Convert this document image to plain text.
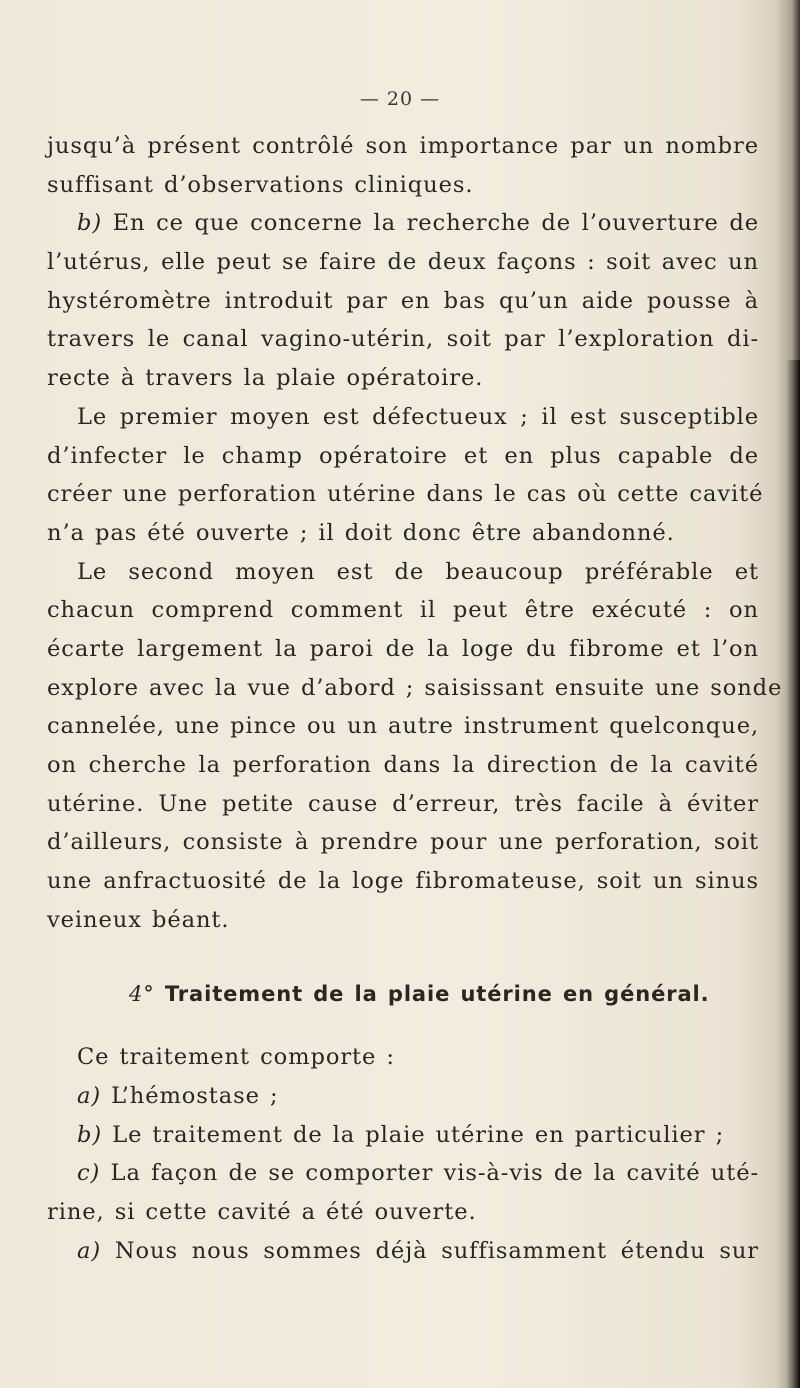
— 20 —
jusqu’à présent contrôlé son importance par un nombre
suffisant d’observations cliniques.
b) En ce que concerne la recherche de l’ouverture de
l’utérus, elle peut se faire de deux façons : soit avec un
hystéromètre introduit par en bas qu’un aide pousse à
travers le canal vagino-utérin, soit par l’exploration di-
recte à travers la plaie opératoire.
Le premier moyen est défectueux ; il est susceptible
d’infecter le champ opératoire et en plus capable de
créer une perforation utérine dans le cas où cette cavité
n’a pas été ouverte ; il doit donc être abandonné.
Le second moyen est de beaucoup préférable et
chacun comprend comment il peut être exécuté : on
écarte largement la paroi de la loge du fibrome et l’on
explore avec la vue d’abord ; saisissant ensuite une sonde
cannelée, une pince ou un autre instrument quelconque,
on cherche la perforation dans la direction de la cavité
utérine. Une petite cause d’erreur, très facile à éviter
d’ailleurs, consiste à prendre pour une perforation, soit
une anfractuosité de la loge fibromateuse, soit un sinus
veineux béant.
4° Traitement de la plaie utérine en général.
Ce traitement comporte :
a) L’hémostase ;
b) Le traitement de la plaie utérine en particulier ;
c) La façon de se comporter vis-à-vis de la cavité uté-
rine, si cette cavité a été ouverte.
a) Nous nous sommes déjà suffisamment étendu sur
